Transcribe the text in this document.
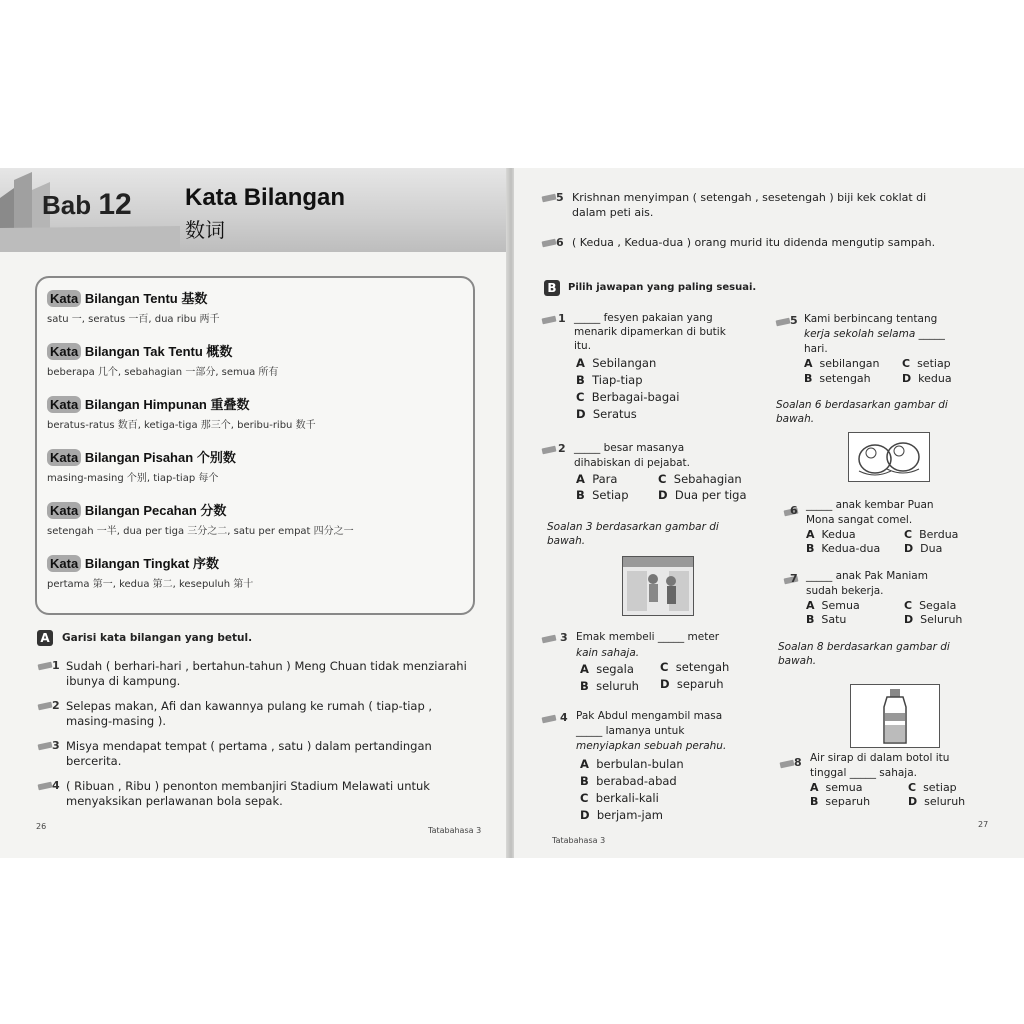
Bab 12 Kata Bilangan
数词
Kata Bilangan Tentu 基数
satu 一, seratus 一百, dua ribu 两千
Kata Bilangan Tak Tentu 概数
beberapa 几个, sebahagian 一部分, semua 所有
Kata Bilangan Himpunan 重叠数
beratus-ratus 数百, ketiga-tiga 那三个, beribu-ribu 数千
Kata Bilangan Pisahan 个别数
masing-masing 个别, tiap-tiap 每个
Kata Bilangan Pecahan 分数
setengah 一半, dua per tiga 三分之二, satu per empat 四分之一
Kata Bilangan Tingkat 序数
pertama 第一, kedua 第二, kesepuluh 第十
A	Garisi kata bilangan yang betul.
1 Sudah ( berhari-hari , bertahun-tahun ) Meng Chuan tidak menziarahi
ibunya di kampung.
2 Selepas makan, Afi dan kawannya pulang ke rumah ( tiap-tiap ,
masing-masing ).
3 Misya mendapat tempat ( pertama , satu ) dalam pertandingan
bercerita.
4 ( Ribuan , Ribu ) penonton membanjiri Stadium Melawati untuk
menyaksikan perlawanan bola sepak.
26	Tatabahasa 3
5 Krishnan menyimpan ( setengah , sesetengah ) biji kek coklat di
dalam peti ais.
6 ( Kedua , Kedua-dua ) orang murid itu didenda mengutip sampah.
B	Pilih jawapan yang paling sesuai.
1 _____ fesyen pakaian yang
menarik dipamerkan di butik
itu.
A Sebilangan
B Tiap-tiap
C Berbagai-bagai
D Seratus
2 _____ besar masanya
dihabiskan di pejabat.
A Para	C Sebahagian
B Setiap	D Dua per tiga
Soalan 3 berdasarkan gambar di bawah.
3 Emak membeli _____ meter
kain sahaja.
A segala C setengah
B seluruh D separuh
4 Pak Abdul mengambil masa
_____ lamanya untuk
menyiapkan sebuah perahu.
A berbulan-bulan
B berabad-abad
C berkali-kali
D berjam-jam
5 Kami berbincang tentang
kerja sekolah selama _____
hari.
A sebilangan C setiap
B setengah	D kedua
Soalan 6 berdasarkan gambar di bawah.
6 _____ anak kembar Puan
Mona sangat comel.
A Kedua	C Berdua
B Kedua-dua D Dua
7 _____ anak Pak Maniam
sudah bekerja.
A Semua	C Segala
B Satu	D Seluruh
Soalan 8 berdasarkan gambar di bawah.
8 Air sirap di dalam botol itu
tinggal _____ sahaja.
A semua	C setiap
B separuh	D seluruh
Tatabahasa 3
27
